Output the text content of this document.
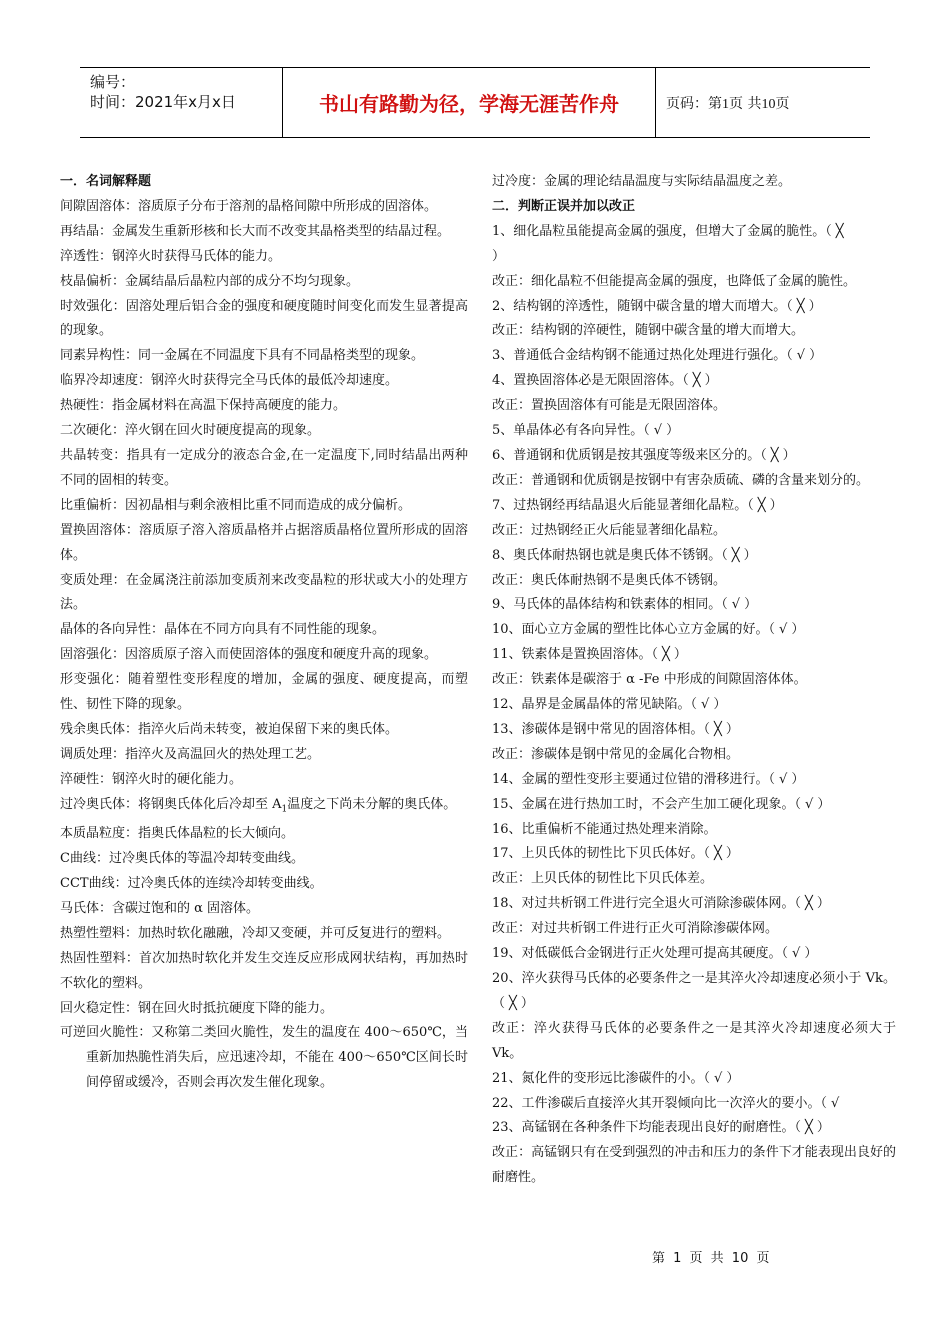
编号：
时间：2021年x月x日	书山有路勤为径，学海无涯苦作舟	页码：第1页 共10页

一．名词解释题

间隙固溶体：溶质原子分布于溶剂的晶格间隙中所形成的固溶体。

再结晶：金属发生重新形核和长大而不改变其晶格类型的结晶过程。

淬透性：钢淬火时获得马氏体的能力。

枝晶偏析：金属结晶后晶粒内部的成分不均匀现象。

时效强化：固溶处理后铝合金的强度和硬度随时间变化而发生显著提高的现象。

同素异构性：同一金属在不同温度下具有不同晶格类型的现象。

临界冷却速度：钢淬火时获得完全马氏体的最低冷却速度。

热硬性：指金属材料在高温下保持高硬度的能力。

二次硬化：淬火钢在回火时硬度提高的现象。

共晶转变：指具有一定成分的液态合金,在一定温度下,同时结晶出两种不同的固相的转变。

比重偏析：因初晶相与剩余液相比重不同而造成的成分偏析。

置换固溶体：溶质原子溶入溶质晶格并占据溶质晶格位置所形成的固溶体。

变质处理：在金属浇注前添加变质剂来改变晶粒的形状或大小的处理方法。

晶体的各向异性：晶体在不同方向具有不同性能的现象。

固溶强化：因溶质原子溶入而使固溶体的强度和硬度升高的现象。

形变强化：随着塑性变形程度的增加，金属的强度、硬度提高，而塑性、韧性下降的现象。

残余奥氏体：指淬火后尚未转变，被迫保留下来的奥氏体。

调质处理：指淬火及高温回火的热处理工艺。

淬硬性：钢淬火时的硬化能力。

过冷奥氏体：将钢奥氏体化后冷却至 $A_1$温度之下尚未分解的奥氏体。

本质晶粒度：指奥氏体晶粒的长大倾向。

C曲线：过冷奥氏体的等温冷却转变曲线。

CCT曲线：过冷奥氏体的连续冷却转变曲线。

马氏体：含碳过饱和的 α 固溶体。

热塑性塑料：加热时软化融融，冷却又变硬，并可反复进行的塑料。

热固性塑料：首次加热时软化并发生交连反应形成网状结构，再加热时不软化的塑料。

回火稳定性：钢在回火时抵抗硬度下降的能力。

可逆回火脆性：又称第二类回火脆性，发生的温度在 400～650℃，当重新加热脆性消失后，应迅速冷却，不能在 400～650℃区间长时间停留或缓冷，否则会再次发生催化现象。

过冷度：金属的理论结晶温度与实际结晶温度之差。

二．判断正误并加以改正

1、细化晶粒虽能提高金属的强度，但增大了金属的脆性。（ ╳

）

改正：细化晶粒不但能提高金属的强度，也降低了金属的脆性。

2、结构钢的淬透性，随钢中碳含量的增大而增大。（ ╳ ）

改正：结构钢的淬硬性，随钢中碳含量的增大而增大。

3、普通低合金结构钢不能通过热化处理进行强化。（ √ ）

4、置换固溶体必是无限固溶体。（ ╳ ）

改正：置换固溶体有可能是无限固溶体。

5、单晶体必有各向异性。（ √ ）

6、普通钢和优质钢是按其强度等级来区分的。（ ╳ ）

改正：普通钢和优质钢是按钢中有害杂质硫、磷的含量来划分的。

7、过热钢经再结晶退火后能显著细化晶粒。（ ╳ ）

改正：过热钢经正火后能显著细化晶粒。

8、奥氏体耐热钢也就是奥氏体不锈钢。（ ╳ ）

改正：奥氏体耐热钢不是奥氏体不锈钢。

9、马氏体的晶体结构和铁素体的相同。（ √ ）

10、面心立方金属的塑性比体心立方金属的好。（ √ ）

11、铁素体是置换固溶体。（ ╳ ）

改正：铁素体是碳溶于 α -Fe 中形成的间隙固溶体体。

12、晶界是金属晶体的常见缺陷。（ √ ）

13、渗碳体是钢中常见的固溶体相。（ ╳ ）

改正：渗碳体是钢中常见的金属化合物相。

14、金属的塑性变形主要通过位错的滑移进行。（ √ ）

15、金属在进行热加工时，不会产生加工硬化现象。（ √ ）

16、比重偏析不能通过热处理来消除。

17、上贝氏体的韧性比下贝氏体好。（ ╳ ）

改正：上贝氏体的韧性比下贝氏体差。

18、对过共析钢工件进行完全退火可消除渗碳体网。（ ╳ ）

改正：对过共析钢工件进行正火可消除渗碳体网。

19、对低碳低合金钢进行正火处理可提高其硬度。（ √ ）

20、淬火获得马氏体的必要条件之一是其淬火冷却速度必须小于 Vk。（ ╳ ）

改正：淬火获得马氏体的必要条件之一是其淬火冷却速度必须大于 Vk。

21、氮化件的变形远比渗碳件的小。（ √ ）

22、工件渗碳后直接淬火其开裂倾向比一次淬火的要小。（ √

23、高锰钢在各种条件下均能表现出良好的耐磨性。（ ╳ ）

改正：高锰钢只有在受到强烈的冲击和压力的条件下才能表现出良好的耐磨性。

第 1 页 共 10 页
